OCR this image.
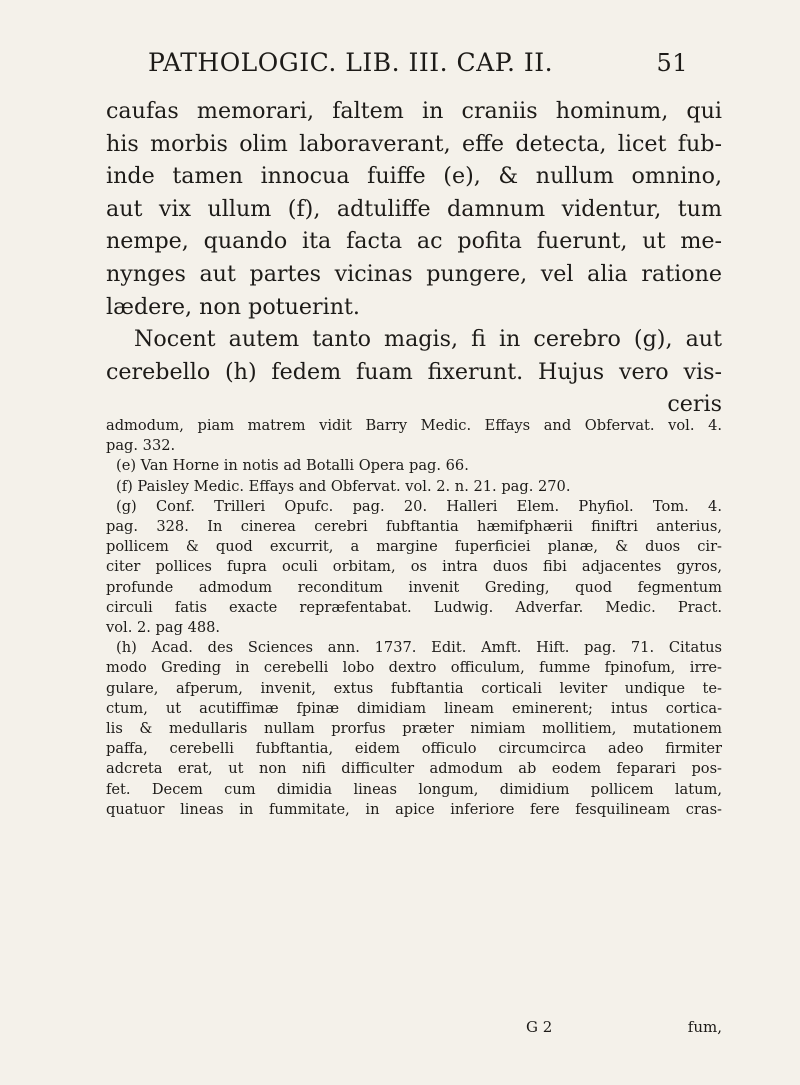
PATHOLOGIC. LIB. III. CAP. II.	51
caufas memorari, faltem in craniis hominum, qui
his morbis olim laboraverant, effe detecta, licet fub-
inde tamen innocua fuiffe (e), & nullum omnino,
aut vix ullum (f), adtuliffe damnum videntur, tum
nempe, quando ita facta ac pofita fuerunt, ut me-
nynges aut partes vicinas pungere, vel alia ratione
lædere, non potuerint.
Nocent autem tanto magis, fi in cerebro (g), aut
cerebello (h) fedem fuam fixerunt. Hujus vero vis-
ceris
admodum, piam matrem vidit Barry Medic. Effays and Obfervat. vol. 4.
pag. 332.
(e) Van Horne in notis ad Botalli Opera pag. 66.
(f) Paisley Medic. Effays and Obfervat. vol. 2. n. 21. pag. 270.
(g) Conf. Trilleri Opufc. pag. 20. Halleri Elem. Phyfiol. Tom. 4.
pag. 328. In cinerea cerebri fubftantia hæmifphærii finiftri anterius,
pollicem & quod excurrit, a margine fuperficiei planæ, & duos cir-
citer pollices fupra oculi orbitam, os intra duos fibi adjacentes gyros,
profunde admodum reconditum invenit Greding, quod fegmentum
circuli fatis exacte repræfentabat. Ludwig. Adverfar. Medic. Pract.
vol. 2. pag 488.
(h) Acad. des Sciences ann. 1737. Edit. Amft. Hift. pag. 71. Citatus
modo Greding in cerebelli lobo dextro officulum, fumme fpinofum, irre-
gulare, afperum, invenit, extus fubftantia corticali leviter undique te-
ctum, ut acutiffimæ fpinæ dimidiam lineam eminerent; intus cortica-
lis & medullaris nullam prorfus præter nimiam mollitiem, mutationem
paffa, cerebelli fubftantia, eidem officulo circumcirca adeo firmiter
adcreta erat, ut non nifi difficulter admodum ab eodem feparari pos-
fet. Decem cum dimidia lineas longum, dimidium pollicem latum,
quatuor lineas in fummitate, in apice inferiore fere fesquilineam cras-
G 2	fum,
